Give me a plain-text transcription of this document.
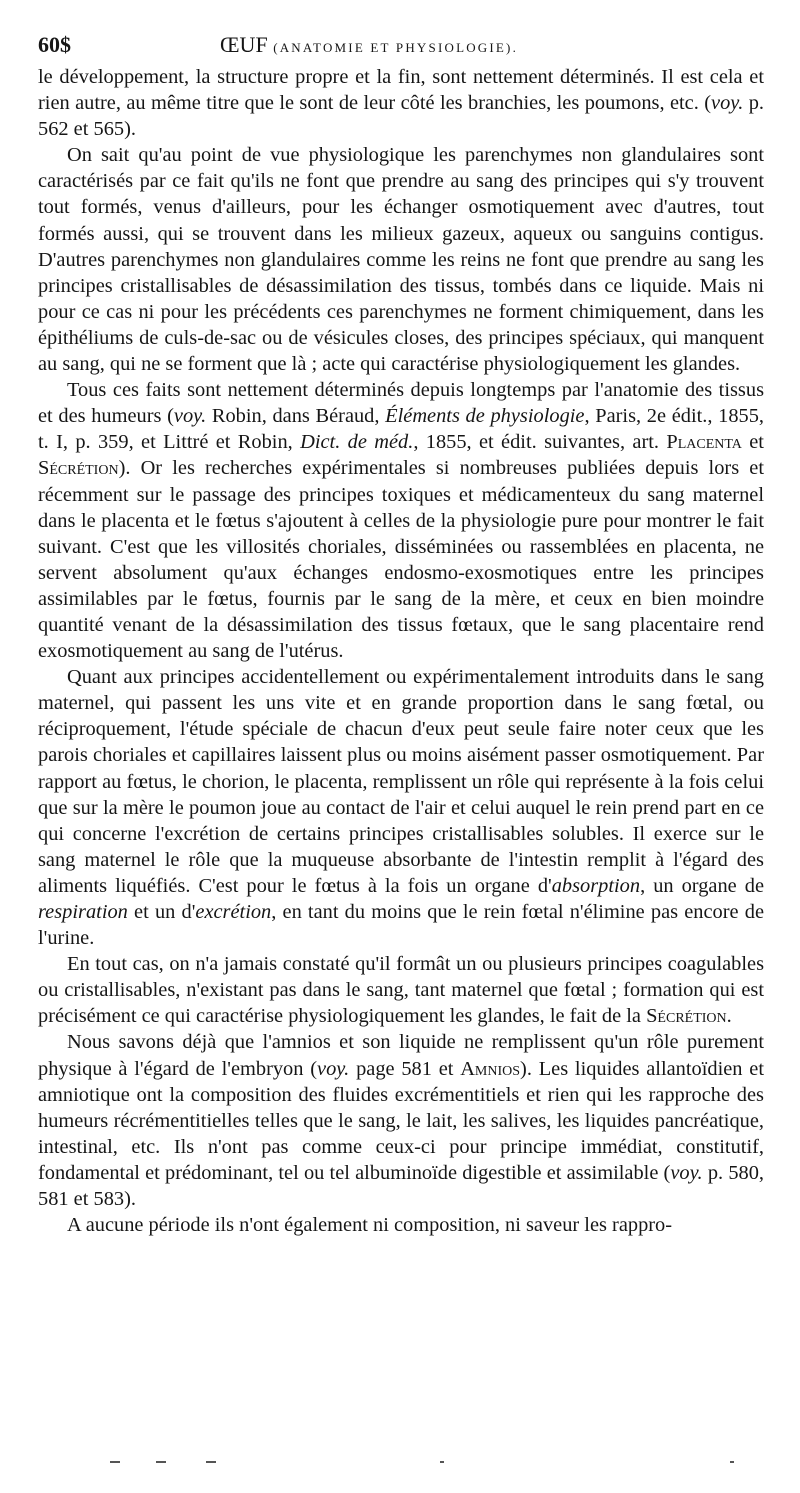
60$	ŒUF (ANATOMIE ET PHYSIOLOGIE).

le développement, la structure propre et la fin, sont nettement déterminés. Il est cela et rien autre, au même titre que le sont de leur côté les branchies, les poumons, etc. (voy. p. 562 et 565).

On sait qu'au point de vue physiologique les parenchymes non glandulaires sont caractérisés par ce fait qu'ils ne font que prendre au sang des principes qui s'y trouvent tout formés, venus d'ailleurs, pour les échanger osmotiquement avec d'autres, tout formés aussi, qui se trouvent dans les milieux gazeux, aqueux ou sanguins contigus. D'autres parenchymes non glandulaires comme les reins ne font que prendre au sang les principes cristallisables de désassimilation des tissus, tombés dans ce liquide. Mais ni pour ce cas ni pour les précédents ces parenchymes ne forment chimiquement, dans les épithéliums de culs-de-sac ou de vésicules closes, des principes spéciaux, qui manquent au sang, qui ne se forment que là ; acte qui caractérise physiologiquement les glandes.

Tous ces faits sont nettement déterminés depuis longtemps par l'anatomie des tissus et des humeurs (voy. Robin, dans Béraud, Éléments de physiologie, Paris, 2e édit., 1855, t. I, p. 359, et Littré et Robin, Dict. de méd., 1855, et édit. suivantes, art. Placenta et Sécrétion). Or les recherches expérimentales si nombreuses publiées depuis lors et récemment sur le passage des principes toxiques et médicamenteux du sang maternel dans le placenta et le fœtus s'ajoutent à celles de la physiologie pure pour montrer le fait suivant. C'est que les villosités choriales, disséminées ou rassemblées en placenta, ne servent absolument qu'aux échanges endosmo-exosmotiques entre les principes assimilables par le fœtus, fournis par le sang de la mère, et ceux en bien moindre quantité venant de la désassimilation des tissus fœtaux, que le sang placentaire rend exosmotiquement au sang de l'utérus.

Quant aux principes accidentellement ou expérimentalement introduits dans le sang maternel, qui passent les uns vite et en grande proportion dans le sang fœtal, ou réciproquement, l'étude spéciale de chacun d'eux peut seule faire noter ceux que les parois choriales et capillaires laissent plus ou moins aisément passer osmotiquement. Par rapport au fœtus, le chorion, le placenta, remplissent un rôle qui représente à la fois celui que sur la mère le poumon joue au contact de l'air et celui auquel le rein prend part en ce qui concerne l'excrétion de certains principes cristallisables solubles. Il exerce sur le sang maternel le rôle que la muqueuse absorbante de l'intestin remplit à l'égard des aliments liquéfiés. C'est pour le fœtus à la fois un organe d'absorption, un organe de respiration et un d'excrétion, en tant du moins que le rein fœtal n'élimine pas encore de l'urine.

En tout cas, on n'a jamais constaté qu'il formât un ou plusieurs principes coagulables ou cristallisables, n'existant pas dans le sang, tant maternel que fœtal ; formation qui est précisément ce qui caractérise physiologiquement les glandes, le fait de la Sécrétion.

Nous savons déjà que l'amnios et son liquide ne remplissent qu'un rôle purement physique à l'égard de l'embryon (voy. page 581 et Amnios). Les liquides allantoïdien et amniotique ont la composition des fluides excrémentitiels et rien qui les rapproche des humeurs récrémentitielles telles que le sang, le lait, les salives, les liquides pancréatique, intestinal, etc. Ils n'ont pas comme ceux-ci pour principe immédiat, constitutif, fondamental et prédominant, tel ou tel albuminoïde digestible et assimilable (voy. p. 580, 581 et 583).

A aucune période ils n'ont également ni composition, ni saveur les rappro-
